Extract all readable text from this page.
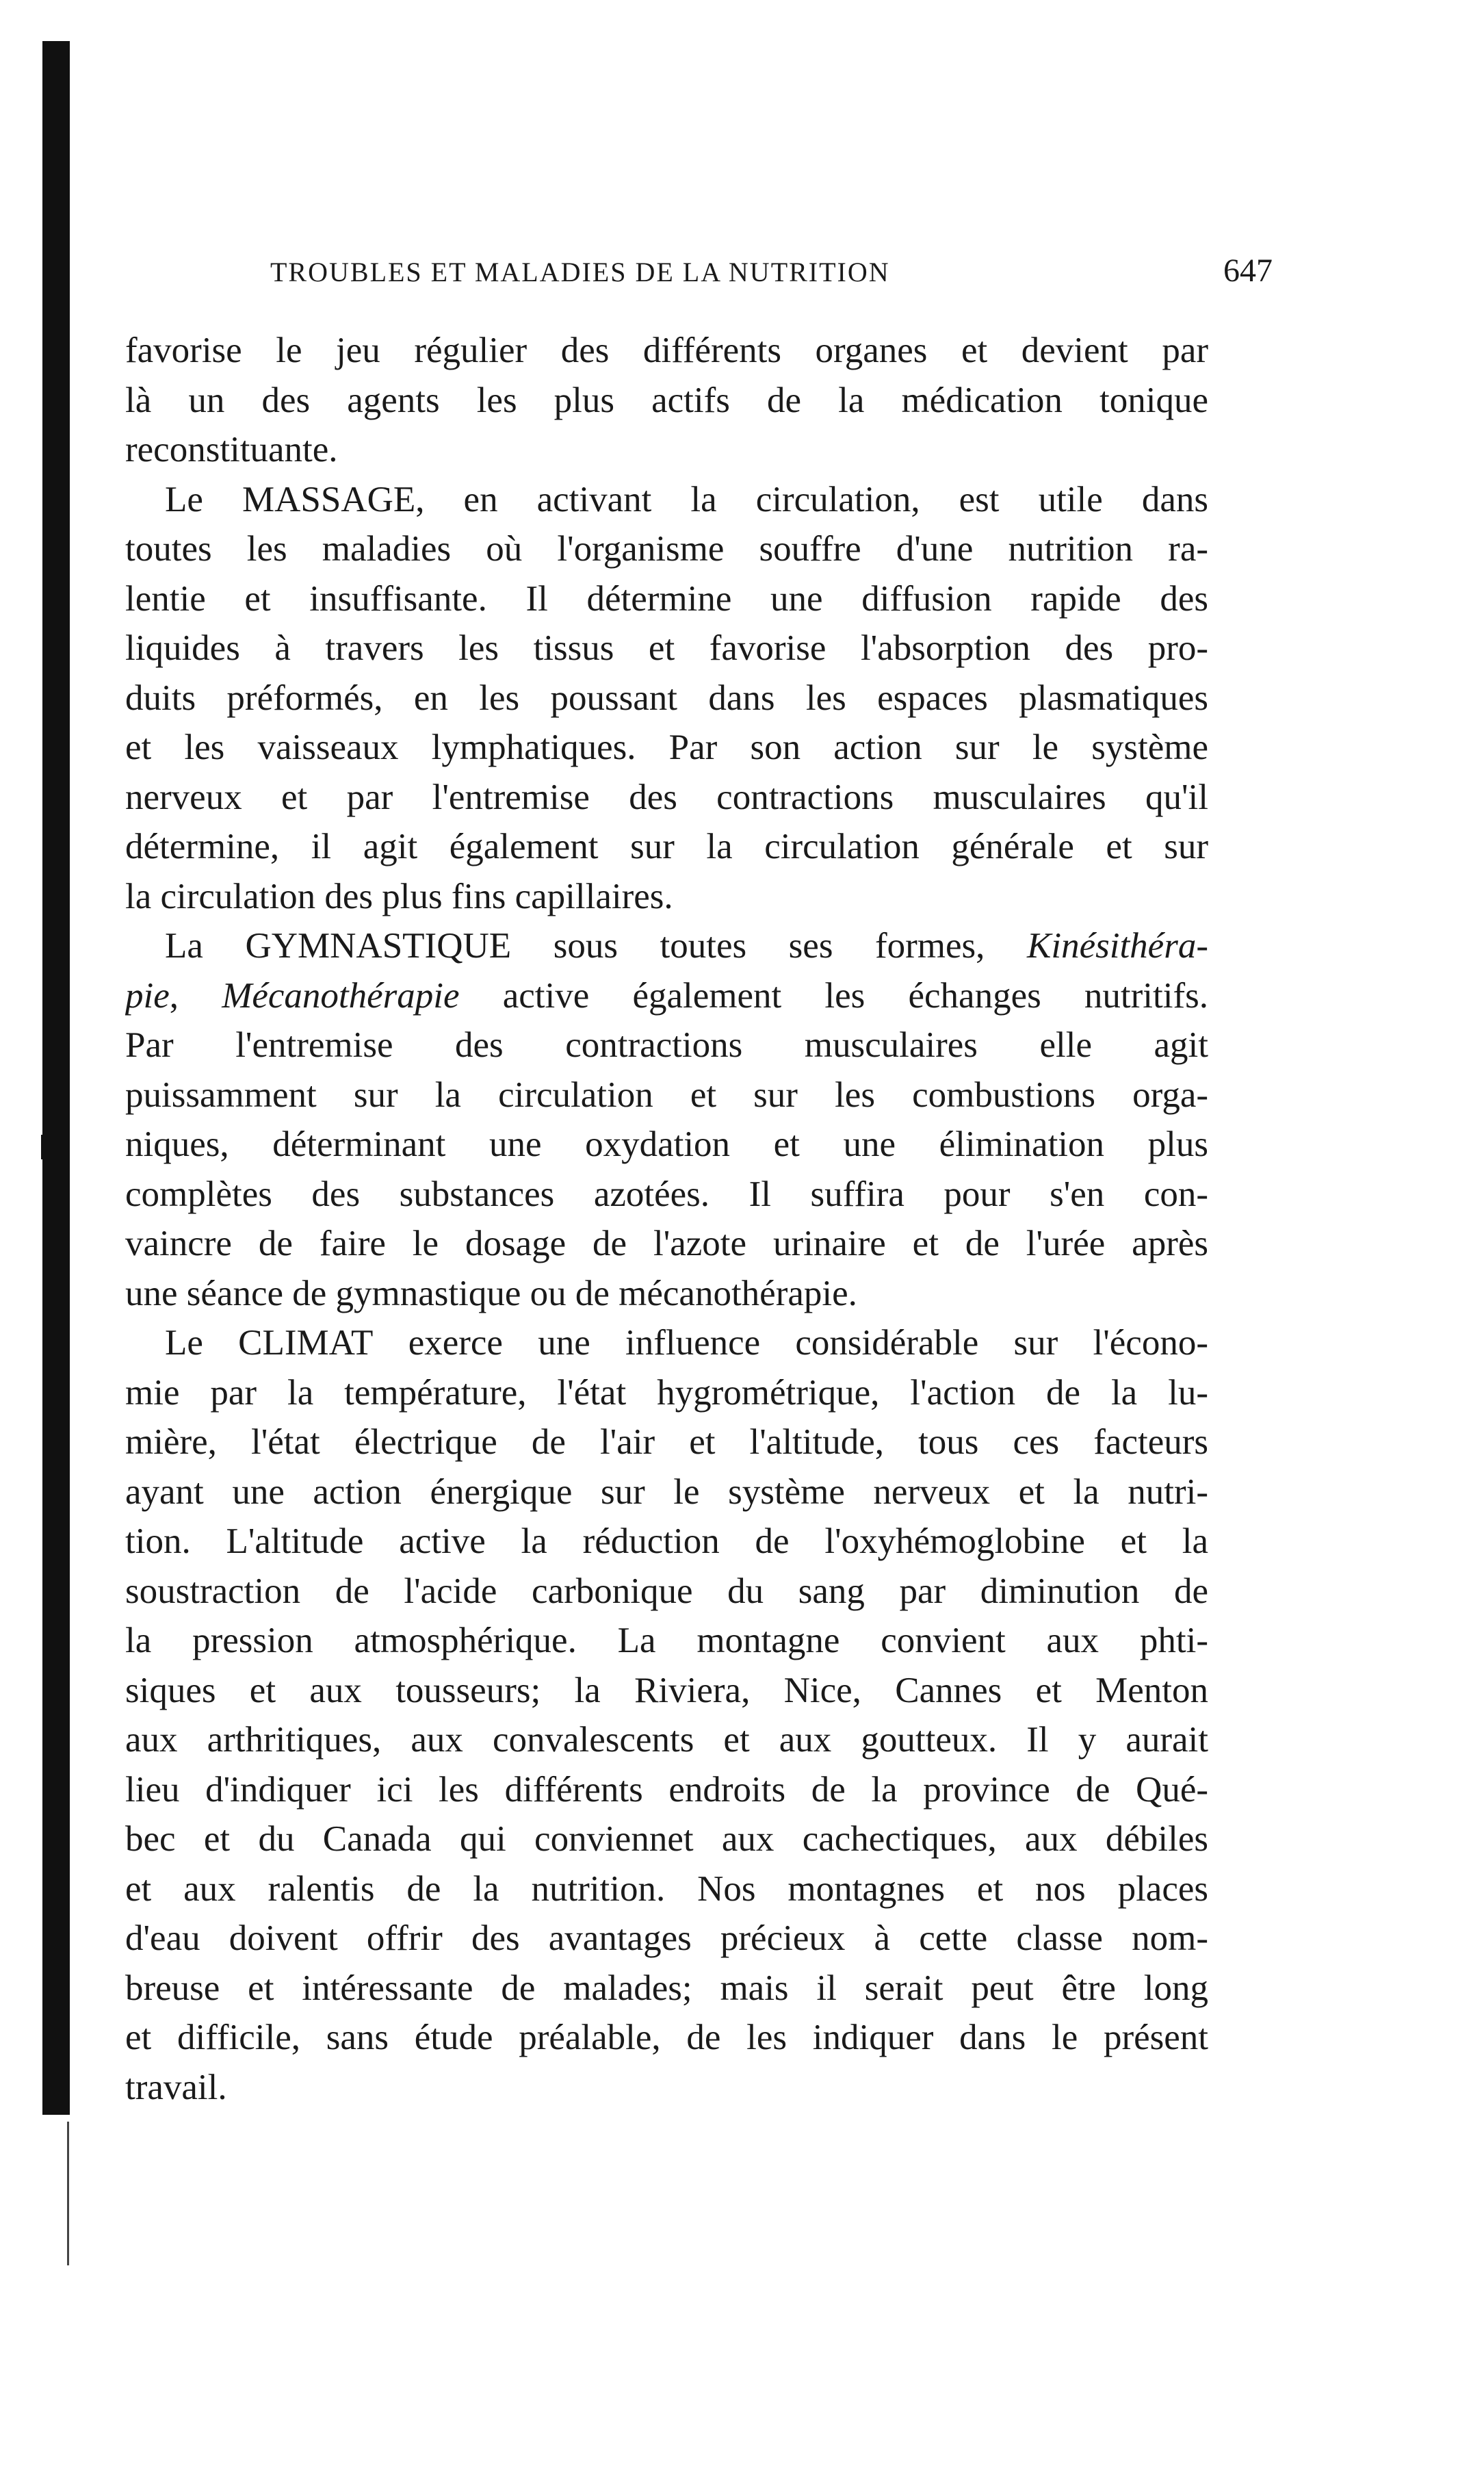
TROUBLES ET MALADIES DE LA NUTRITION	647
favorise le jeu régulier des différents organes et devient par
là un des agents les plus actifs de la médication tonique
reconstituante.
Le MASSAGE, en activant la circulation, est utile dans
toutes les maladies où l'organisme souffre d'une nutrition ra-
lentie et insuffisante. Il détermine une diffusion rapide des
liquides à travers les tissus et favorise l'absorption des pro-
duits préformés, en les poussant dans les espaces plasmatiques
et les vaisseaux lymphatiques. Par son action sur le système
nerveux et par l'entremise des contractions musculaires qu'il
détermine, il agit également sur la circulation générale et sur
la circulation des plus fins capillaires.
La GYMNASTIQUE sous toutes ses formes, Kinésithéra-
pie, Mécanothérapie active également les échanges nutritifs.
Par l'entremise des contractions musculaires elle agit
puissamment sur la circulation et sur les combustions orga-
niques, déterminant une oxydation et une élimination plus
complètes des substances azotées. Il suffira pour s'en con-
vaincre de faire le dosage de l'azote urinaire et de l'urée après
une séance de gymnastique ou de mécanothérapie.
Le CLIMAT exerce une influence considérable sur l'écono-
mie par la température, l'état hygrométrique, l'action de la lu-
mière, l'état électrique de l'air et l'altitude, tous ces facteurs
ayant une action énergique sur le système nerveux et la nutri-
tion. L'altitude active la réduction de l'oxyhémoglobine et la
soustraction de l'acide carbonique du sang par diminution de
la pression atmosphérique. La montagne convient aux phti-
siques et aux tousseurs; la Riviera, Nice, Cannes et Menton
aux arthritiques, aux convalescents et aux goutteux. Il y aurait
lieu d'indiquer ici les différents endroits de la province de Qué-
bec et du Canada qui conviennet aux cachectiques, aux débiles
et aux ralentis de la nutrition. Nos montagnes et nos places
d'eau doivent offrir des avantages précieux à cette classe nom-
breuse et intéressante de malades; mais il serait peut être long
et difficile, sans étude préalable, de les indiquer dans le présent
travail.
